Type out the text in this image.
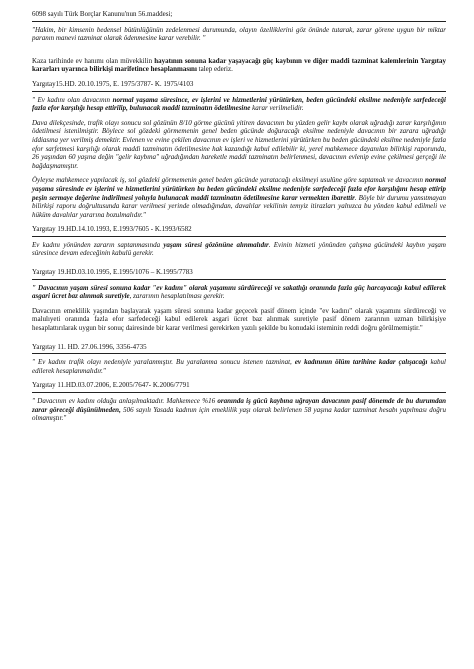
6098 sayılı Türk Borçlar Kanunu'nun 56.maddesi;

"Hakim, bir kimsenin bedensel bütünlüğünün zedelenmesi durumunda, olayın özelliklerini göz önünde tutarak, zarar görene uygun bir miktar paranın manevi tazminat olarak ödenmesine karar verebilir. "

Kaza tarihinde ev hanımı olan müvekkilin hayatının sonuna kadar yaşayacağı güç kaybının ve diğer maddi tazminat kalemlerinin Yargıtay kararları uyarınca bilirkişi marifetince hesaplanmasını talep ederiz.

Yargıtay15.HD. 20.10.1975, E. 1975/3787- K. 1975/4103

" Ev kadını olan davacının normal yaşama süresince, ev işlerini ve hizmetlerini yürütürken, beden gücündeki eksilme nedeniyle sarfedeceği fazla efor karşılığı hesap ettirilip, bulunacak maddi tazminatın ödetilmesine karar verilmelidir.

Dava dilekçesinde, trafik olayı sonucu sol gözünün 8/10 görme gücünü yitiren davacının bu yüzden gelir kaybı olarak uğradığı zarar karşılığının ödetilmesi istenilmiştir. Böylece sol gözdeki görmemenin genel beden gücünde doğuracağı eksilme nedeniyle davacının bir zarara uğradığı iddiasına yer verilmiş demektir. Evlenen ve evine çekilen davacının ev işleri ve hizmetlerini yürütürken bu beden gücündeki eksilme nedeniyle fazla efor sarfetmesi karşılığı olarak maddi tazminatın ödetilmesine hak kazandığı kabul edilebilir ki, yerel mahkemece dayanılan bilirkişi raporunda, 26 yaşından 60 yaşına değin "gelir kaybına" uğradığından hareketle maddi tazminatın belirlenmesi, davacının evlenip evine çekilmesi gerçeği ile bağdaşmamıştır.

Öyleyse mahkemece yapılacak iş, sol gözdeki görmemenin genel beden gücünde yaratacağı eksilmeyi usulüne göre saptamak ve davacının normal yaşama süresinde ev işlerini ve hizmetlerini yürütürken bu beden gücündeki eksilme nedeniyle sarfedeceği fazla efor karşılığını hesap ettirip peşin sermaye değerine indirilmesi yoluyla bulunacak maddi tazminatın ödetilmesine karar vermekten ibarettir. Böyle bir durumu yansıtmayan bilirkişi raporu doğrultusunda karar verilmesi yerinde olmadığından, davalılar vekilinin temyiz itirazları yalnızca bu yönden kabul edilmeli ve hüküm davalılar yararına bozulmalıdır."

Yargıtay 19.HD.14.10.1993, E.1993/7605 - K.1993/6582

Ev kadını yönünden zararın saptanmasında yaşam süresi gözönüne alınmalıdır. Evinin hizmeti yönünden çalışma gücündeki kaybın yaşam süresince devam edeceğinin kabulü gerekir.

Yargıtay 19.HD.03.10.1995, E.1995/1076 – K.1995/7783

" Davacının yaşam süresi sonuna kadar "ev kadını" olarak yaşamını sürdüreceği ve sakatlığı oranında fazla güç harcayacağı kabul edilerek asgari ücret baz alınmak suretiyle, zararının hesaplatılması gerekir.

Davacının emeklilik yaşından başlayarak yaşam süresi sonuna kadar geçecek pasif dönem içinde "ev kadını" olarak yaşamını sürdüreceği ve malulıyeti oranında fazla efor sarfedeceği kabul edilerek asgari ücret baz alınmak suretiyle pasif dönem zararının uzman bilirkişiye hesaplattırılarak uygun bir sonuç dairesinde bir karar verilmesi gerekirken yazılı şekilde bu konudaki isteminin reddi doğru görülmemiştir."

Yargıtay 11. HD. 27.06.1996, 3356-4735

" Ev kadını trafik olayı nedeniyle yaralanmıştır. Bu yaralanma sonucu istenen tazminat, ev kadınının ölüm tarihine kadar çalışacağı kabul edilerek hesaplanmalıdır."

Yargıtay 11.HD.03.07.2006, E.2005/7647- K.2006/7791

" Davacının ev kadını olduğu anlaşılmaktadır. Mahkemece %16 oranında iş gücü kaybına uğrayan davacının pasif dönemde de bu durumdan zarar göreceği düşünülmeden, 506 sayılı Yasada kadının için emeklilik yaşı olarak belirlenen 58 yaşına kadar tazminat hesabı yapılması doğru olmamıştır."
